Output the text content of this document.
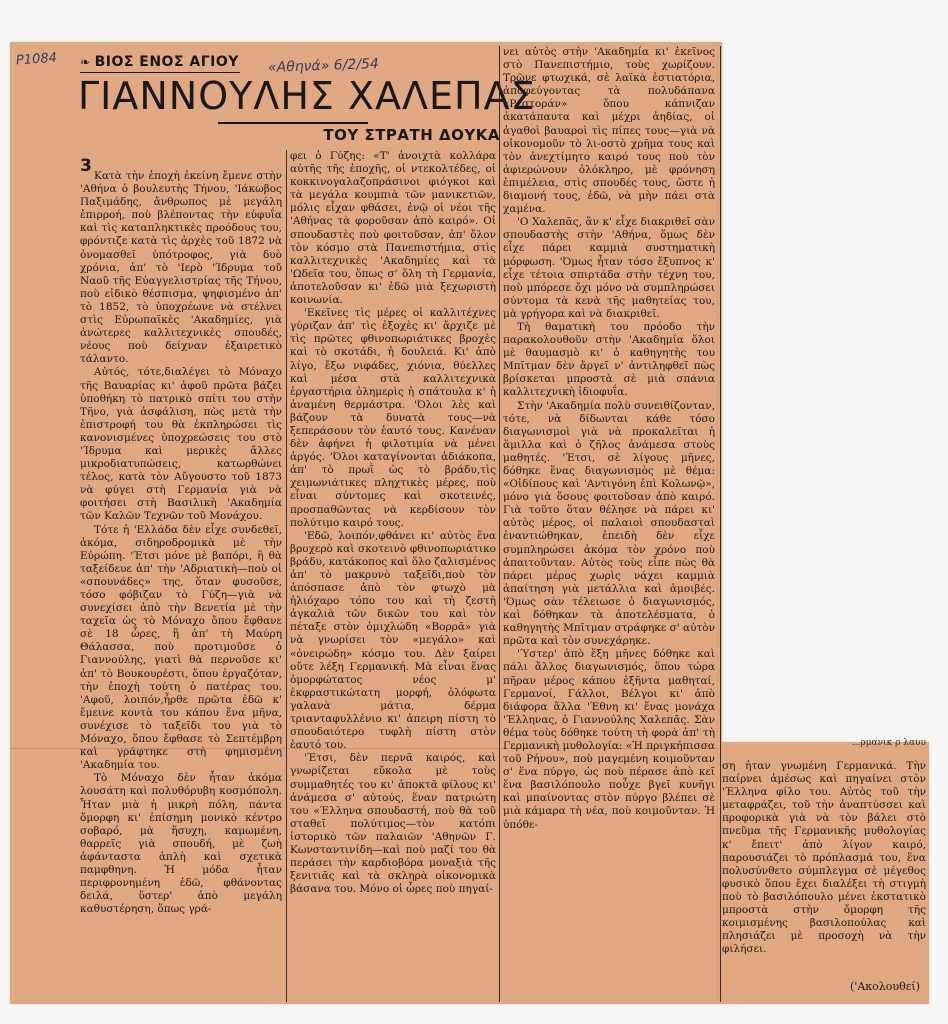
Ρ1084	«Αθηνά» 6/2/54
❧ ΒΙΟΣ ΕΝΟΣ ΑΓΙΟΥ
ΓΙΑΝΝΟΥΛΗΣ ΧΑΛΕΠΑΣ
ΤΟΥ ΣΤΡΑΤΗ ΔΟΥΚΑ
3 Κατὰ τὴν ἐποχὴ ἐκείνη ἔμενε στὴν 'Αθήνα ὁ βουλευτὴς Τήνου, 'Ιάκωβος Παξιμάδης, ἄνθρωπος μὲ μεγάλη ἐπιρροή, ποὺ βλέποντας τὴν εὐφυΐα καὶ τὶς καταπληκτικὲς προόδους του, φρόντιζε κατὰ τὶς ἀρχὲς τοῦ 1872 νὰ ὀνομασθεῖ ὑπότροφος, γιὰ δυὸ χρόνια, ἀπ' τὸ 'Ιερὸ 'Ίδρυμα τοῦ Ναοῦ τῆς Εὐαγγελιστρίας τῆς Τήνου, ποὺ εἰδικὸ θέσπισμα, ψηφισμένο ἀπ' τὸ 1852, τὸ ὑποχρέωνε νὰ στέλνει στὶς Εὐρωπαϊκὲς 'Ακαδημίες, γιὰ ἀνώτερες καλλιτεχνικὲς σπουδές, νέους ποὺ δείχναν ἐξαιρετικὸ τάλαντο.

Αὐτός, τότε,διαλέγει τὸ Μόναχο τῆς Βαυαρίας κι' ἀφοῦ πρῶτα βάζει ὑποθήκη τὸ πατρικὸ σπίτι του στὴν Τῆνο, γιὰ ἀσφάλιση, πὼς μετὰ τὴν ἐπιστροφή του θὰ ἐκπληρώσει τὶς κανονισμένες ὑποχρεώσεις του στὸ 'Ίδρυμα καὶ μερικὲς ἄλλες μικροδιατυπώσεις, κατωρθώνει τέλος, κατὰ τὸν Αὔγουστο τοῦ 1873 νὰ φύγει στὴ Γερμανία γιὰ νὰ φοιτήσει στὴ Βασιλικὴ 'Ακαδημία τῶν Καλῶν Τεχνῶν τοῦ Μονάχου.

Τότε ἡ 'Ελλάδα δὲν εἶχε συνδεθεῖ, ἀκόμα, σιδηροδρομικὰ μὲ τὴν Εὐρώπη. 'Έτσι μόνε μὲ βαπόρι, ἢ θὰ ταξείδευε ἀπ' τὴν 'Αδριατικὴ—ποὺ οἱ «σπουνάδες» της, ὅταν φυσοῦσε, τόσο φόβιζαν τὸ Γύζη—γιὰ νὰ συνεχίσει ἀπὸ τὴν Βενετία μὲ τὴν ταχεῖα ὡς τὸ Μόναχο ὅπου ἔφθανε σὲ 18 ὧρες, ἢ ἀπ' τὴ Μαύρη Θάλασσα, ποὺ προτιμοῦσε ὁ Γιαννούλης, γιατὶ θὰ περνοῦσε κι' ἀπ' τὸ Βουκουρέστι, ὅπου ἐργαζόταν, τὴν ἐποχὴ τούτη ὁ πατέρας του. 'Αφοῦ, λοιπόν,ἦρθε πρῶτα ἐδῶ κ' ἔμεινε κοντὰ του κάπου ἕνα μῆνα, συνέχισε τὸ ταξεῖδι του γιὰ τὸ Μόναχο, ὅπου ἔφθασε τὸ Σεπτέμβρη καὶ γράφτηκε στὴ φημισμένη 'Ακαδημία του.

Τὸ Μόναχο δὲν ἦταν ἀκόμα λουσάτη καὶ πολυθόρυβη κοσμόπολη. Ἦταν μιὰ ἡ μικρὴ πόλη, πάντα ὄμορφη κι' ἐπίσημη μονικὸ κέντρο σοβαρό, μὰ ἥσυχη, καμωμένη, θαρρεῖς γιὰ σπουδή, μὲ ζωὴ ἀφάνταστα ἁπλὴ καὶ σχετικὰ παμφθηνη. Ἡ μόδα ἦταν περιφρονημένη ἐδῶ, φθάνοντας δειλά, ὕστερ' ἀπὸ μεγάλη καθυστέρηση, ὅπως γρά-

φει ὁ Γύζης: «Τ' ἀνοιχτὰ κολλάρα αὐτῆς τῆς ἐποχῆς, οἱ ντεκολτέδες, οἱ κοκκινογαλαζοπράσινοι φιόγκοι καὶ τὰ μεγάλα κουμπιὰ τῶν μανικετιῶν, μόλις εἶχαν φθάσει, ἐνῷ οἱ νέοι τῆς 'Αθήνας τὰ φοροῦσαν ἀπὸ καιρό». Οἱ σπουδαστὲς ποὺ φοιτοῦσαν, ἀπ' ὅλον τὸν κόσμο στὰ Πανεπιστήμια, στὶς καλλιτεχνικὲς 'Ακαδημίες καὶ τὰ 'Ωδεῖα του, ὅπως σ' ὅλη τὴ Γερμανία, ἀποτελοῦσαν κι' ἐδῶ μιὰ ξεχωριστὴ κοινωνία.

'Εκεῖνες τὶς μέρες οἱ καλλιτέχνες γύριζαν ἀπ' τὶς ἐξοχὲς κι' ἄρχιζε μὲ τὶς πρῶτες φθινοπωριάτικες βροχὲς καὶ τὸ σκοτάδι, ἡ δουλειά. Κι' ἀπὸ λίγο, ἔξω νιφάδες, χιόνια, θύελλες καὶ μέσα στὰ καλλιτεχνικὰ ἐργαστήρια ὁλημερὶς ἡ σπάτουλα κ' ἡ ἀναμένη θερμάστρα. 'Όλοι λὲς καὶ βάζουν τὰ δυνατὰ τους—νὰ ξεπεράσουν τὸν ἑαυτό τους. Κανέναν δὲν ἀφήνει ἡ φιλοτιμία νὰ μένει ἀργός. 'Όλοι καταγίνονται ἀδιάκοπα, ἀπ' τὸ πρωῒ ὡς τὸ βράδυ,τὶς χειμωνιάτικες πληχτικὲς μέρες, ποὺ εἶναι σύντομες καὶ σκοτεινές, προσπαθῶντας νὰ κερδίσουν τὸν πολύτιμο καιρό τους.

'Εδῶ, λοιπόν,φθάνει κι' αὐτὸς ἕνα βροχερὸ καὶ σκοτεινὸ φθινοπωριάτικο βράδυ, κατάκοπος καὶ ὅλο ζαλισμένος ἀπ' τὸ μακρυνὸ ταξεῖδι,ποὺ τὸν ἀπόσπασε ἀπὸ τὸν φτωχὸ μὰ ἡλιόχαρο τόπο του καὶ τὴ ζεστὴ ἀγκαλιὰ τῶν δικῶν του καὶ τὸν πέταξε στὸν ὁμιχλώδη «Βορρᾶ» γιὰ νὰ γνωρίσει τὸν «μεγάλο» καὶ «ὀνειρώδη» κόσμο του. Δὲν ξαίρει οὔτε λέξη Γερμανική. Μὰ εἶναι ἕνας ὀμορφώτατος νέος μ' ἐκφραστικώτατη μορφή, ὁλόφωτα γαλανὰ μάτια, δέρμα τριανταφυλλένιο κι' ἀπειρη πίστη τὸ σπουδαιότερο τυφλὴ πίστη στὸν ἑαυτό του.

'Έτσι, δὲν περνᾶ καιρός, καὶ γνωρίζεται εὔκολα μὲ τοὺς συμμαθητές του κι' ἀποκτᾶ φίλους κι' ἀνάμεσα σ' αὐτούς, ἕναν πατριώτη του «Έλληνα σπουδαστή, ποὺ θὰ τοῦ σταθεῖ πολύτιμος—τὸν κατόπι ἱστορικὸ τῶν παλαιῶν 'Αθηνῶν Γ. Κωνσταντινίδη—καὶ ποὺ μαζί του θὰ περάσει τὴν καρδιοβόρα μοναξιὰ τῆς ξενιτιᾶς καὶ τὰ σκληρὰ οἰκονομικὰ βάσανα του. Μόνο οἱ ὧρες ποὺ πηγαί-

νει αὐτὸς στὴν 'Ακαδημία κι' ἐκεῖνος στὸ Πανεπιστήμιο, τοὺς χωρίζουν. Τρῶνε φτωχικά, σὲ λαϊκὰ ἑστιατόρια, ἀποφεύγοντας τὰ πολυδάπανα «Ρεστοράν» ὅπου κάπνιζαν ἀκατάπαυτα καὶ μέχρι ἀηδίας, οἱ ἀγαθοὶ βαυαροὶ τὶς πίπες τους—γιὰ νὰ οἰκονομοῦν τὸ λι-οστὸ χρῆμα τους καὶ τὸν ἀνεχτίμητο καιρό τους ποὺ τὸν ἀφιερώνουν ὁλόκληρο, μὲ φρόνηση ἐπιμέλεια, στὶς σπουδές τους, ὥστε ἡ διαμονή τους, ἐδῶ, νὰ μὴν πάει στὰ χαμένα.

'Ο Χαλεπᾶς, ἂν κ' εἶχε διακριθεῖ σὰν σπουδαστὴς στὴν 'Αθήνα, ὅμως δὲν εἶχε πάρει καμμιὰ συστηματικὴ μόρφωση. 'Όμως ἦταν τόσο ἔξυπνος κ' εἶχε τέτοια σπιρτάδα στὴν τέχνη του, ποὺ μπόρεσε ὄχι μόνο νὰ συμπληρώσει σύντομα τὰ κενὰ τῆς μαθητείας του, μὰ γρήγορα καὶ νὰ διακριθεῖ.

Τὴ θαματικὴ του πρόοδο τὴν παρακολουθοῦν στὴν 'Ακαδημία ὅλοι μὲ θαυμασμὸ κι' ὁ καθηγητὴς του Μπῖτμαν δὲν ἄργεῖ ν' ἀντιληφθεῖ πὼς βρίσκεται μπροστὰ σὲ μιὰ σπάνια καλλιτεχνικὴ ἰδιοφυΐα.

Στὴν 'Ακαδημία πολὺ συνειθίζονταν, τότε, νὰ δίδωνται κάθε τόσο διαγωνισμοὶ γιὰ νὰ προκαλεῖται ἡ ἅμιλλα καὶ ὁ ζῆλος ἀνάμεσα στοὺς μαθητές. 'Έτσι, σὲ λίγους μῆνες, δόθηκε ἕνας διαγωνισμὸς μὲ θέμα: «Οἰδίπους καὶ 'Αντιγόνη ἐπὶ Κολωνῷ», μόνο γιὰ ὅσους φοιτοῦσαν ἀπὸ καιρό. Γιὰ τοῦτο ὅταν θέλησε νὰ πάρει κι' αὐτὸς μέρος, οἱ παλαιοὶ σπουδασταὶ ἐναντιώθηκαν, ἐπειδὴ δὲν εἶχε συμπληρώσει ἀκόμα τὸν χρόνο ποὺ ἀπαιτοῦνταν. Αὐτὸς τοὺς εἶπε πὼς θὰ πάρει μέρος χωρὶς νάχει καμμιὰ ἀπαίτηση γιὰ μετάλλια καὶ ἀμοιβές. 'Όμως σὰν τέλειωσε ὁ διαγωνισμός, καὶ δόθηκαν τὰ ἀποτελέσματα, ὁ καθηγητὴς Μπῖτμαν στράφηκε σ' αὐτὸν πρῶτα καὶ τὸν συνεχάρηκε.

'Ύστερ' ἀπὸ ἕξη μῆνες δόθηκε καὶ πάλι ἄλλος διαγωνισμός, ὅπου τώρα πῆραν μέρος κάπου ἑξῆντα μαθηταί, Γερμανοί, Γάλλοι, Βέλγοι κι' ἀπὸ διάφορα ἄλλα 'Έθνη κι' ἕνας μονάχα 'Έλληνας, ὁ Γιαννούλης Χαλεπᾶς. Σὰν θέμα τοὺς δόθηκε τούτη τὴ φορὰ ἀπ' τὴ Γερμανικὴ μυθολογία: «Ἡ πριγκήπισσα τοῦ Ρήνου», ποὺ μαγεμένη κοιμοῦνταν σ' ἕνα πύργο, ὡς ποὺ πέρασε ἀπὸ κεῖ ἕνα βασιλόπουλο ποὖχε βγεῖ κυνῆγι καὶ μπαίνοντας στὸν πύργο βλέπει σὲ μιὰ κάμαρα τὴ νέα, ποὺ κοιμοῦνταν. Ἡ ὑπόθε-

...ρμανικ ρ λαυυ

ση ἦταν γνωμένη Γερμανικά. Τὴν παίρνει ἀμέσως καὶ πηγαίνει στὸν 'Έλληνα φίλο του. Αὐτὸς τοῦ τὴν μεταφράζει, τοῦ τὴν ἀναπτύσσει καὶ προφορικὰ γιὰ νὰ τὸν βάλει στὸ πνεῦμα τῆς Γερμανικῆς μυθολογίας κ' ἔπειτ' ἀπὸ λίγον καιρό, παρουσιάζει τὸ πρόπλασμά του, ἕνα πολυσύνθετο σύμπλεγμα σὲ μέγεθος φυσικὸ ὅπου ἔχει διαλέξει τὴ στιγμὴ ποὺ τὸ βασιλόπουλο μένει ἐκστατικὸ μπροστὰ στὴν ὄμορφη τῆς κοιμισμένης βασιλοπούλας καὶ πλησιάζει μὲ προσοχὴ νὰ τὴν φιλήσει.

('Ακολουθεί)
